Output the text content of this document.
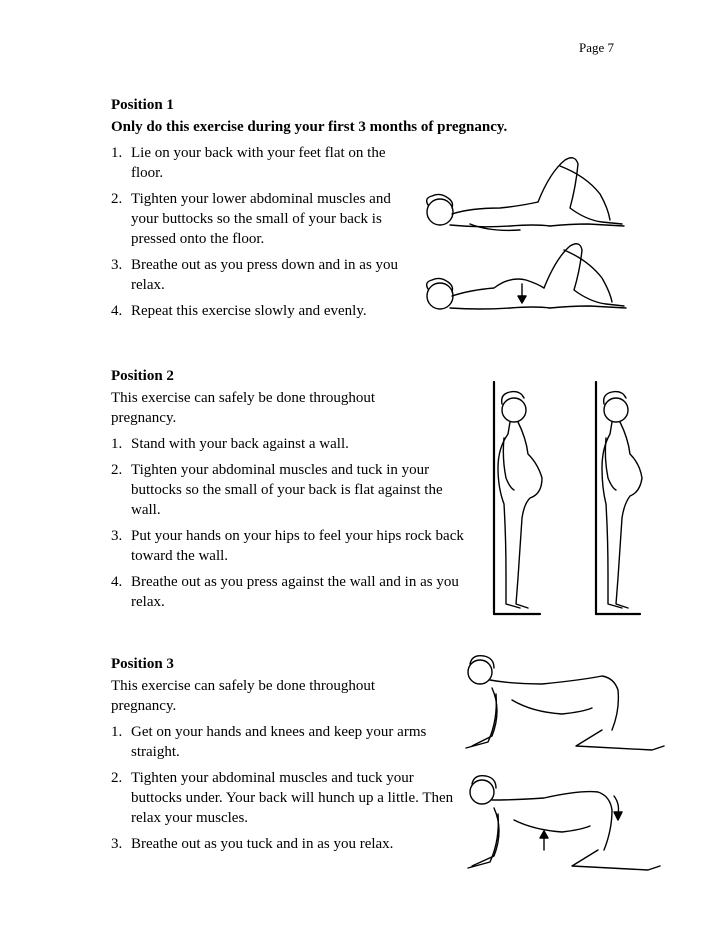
Page 7
Position 1
Only do this exercise during your first 3 months of pregnancy.
1. Lie on your back with your feet flat on the floor.
2. Tighten your lower abdominal muscles and your buttocks so the small of your back is pressed onto the floor.
3. Breathe out as you press down and in as you relax.
4. Repeat this exercise slowly and evenly.
Position 2
This exercise can safely be done throughout pregnancy.
1. Stand with your back against a wall.
2. Tighten your abdominal muscles and tuck in your buttocks so the small of your back is flat against the wall.
3. Put your hands on your hips to feel your hips rock back toward the wall.
4. Breathe out as you press against the wall and in as you relax.
Position 3
This exercise can safely be done throughout pregnancy.
1. Get on your hands and knees and keep your arms straight.
2. Tighten your abdominal muscles and tuck your buttocks under. Your back will hunch up a little. Then relax your muscles.
3. Breathe out as you tuck and in as you relax.
